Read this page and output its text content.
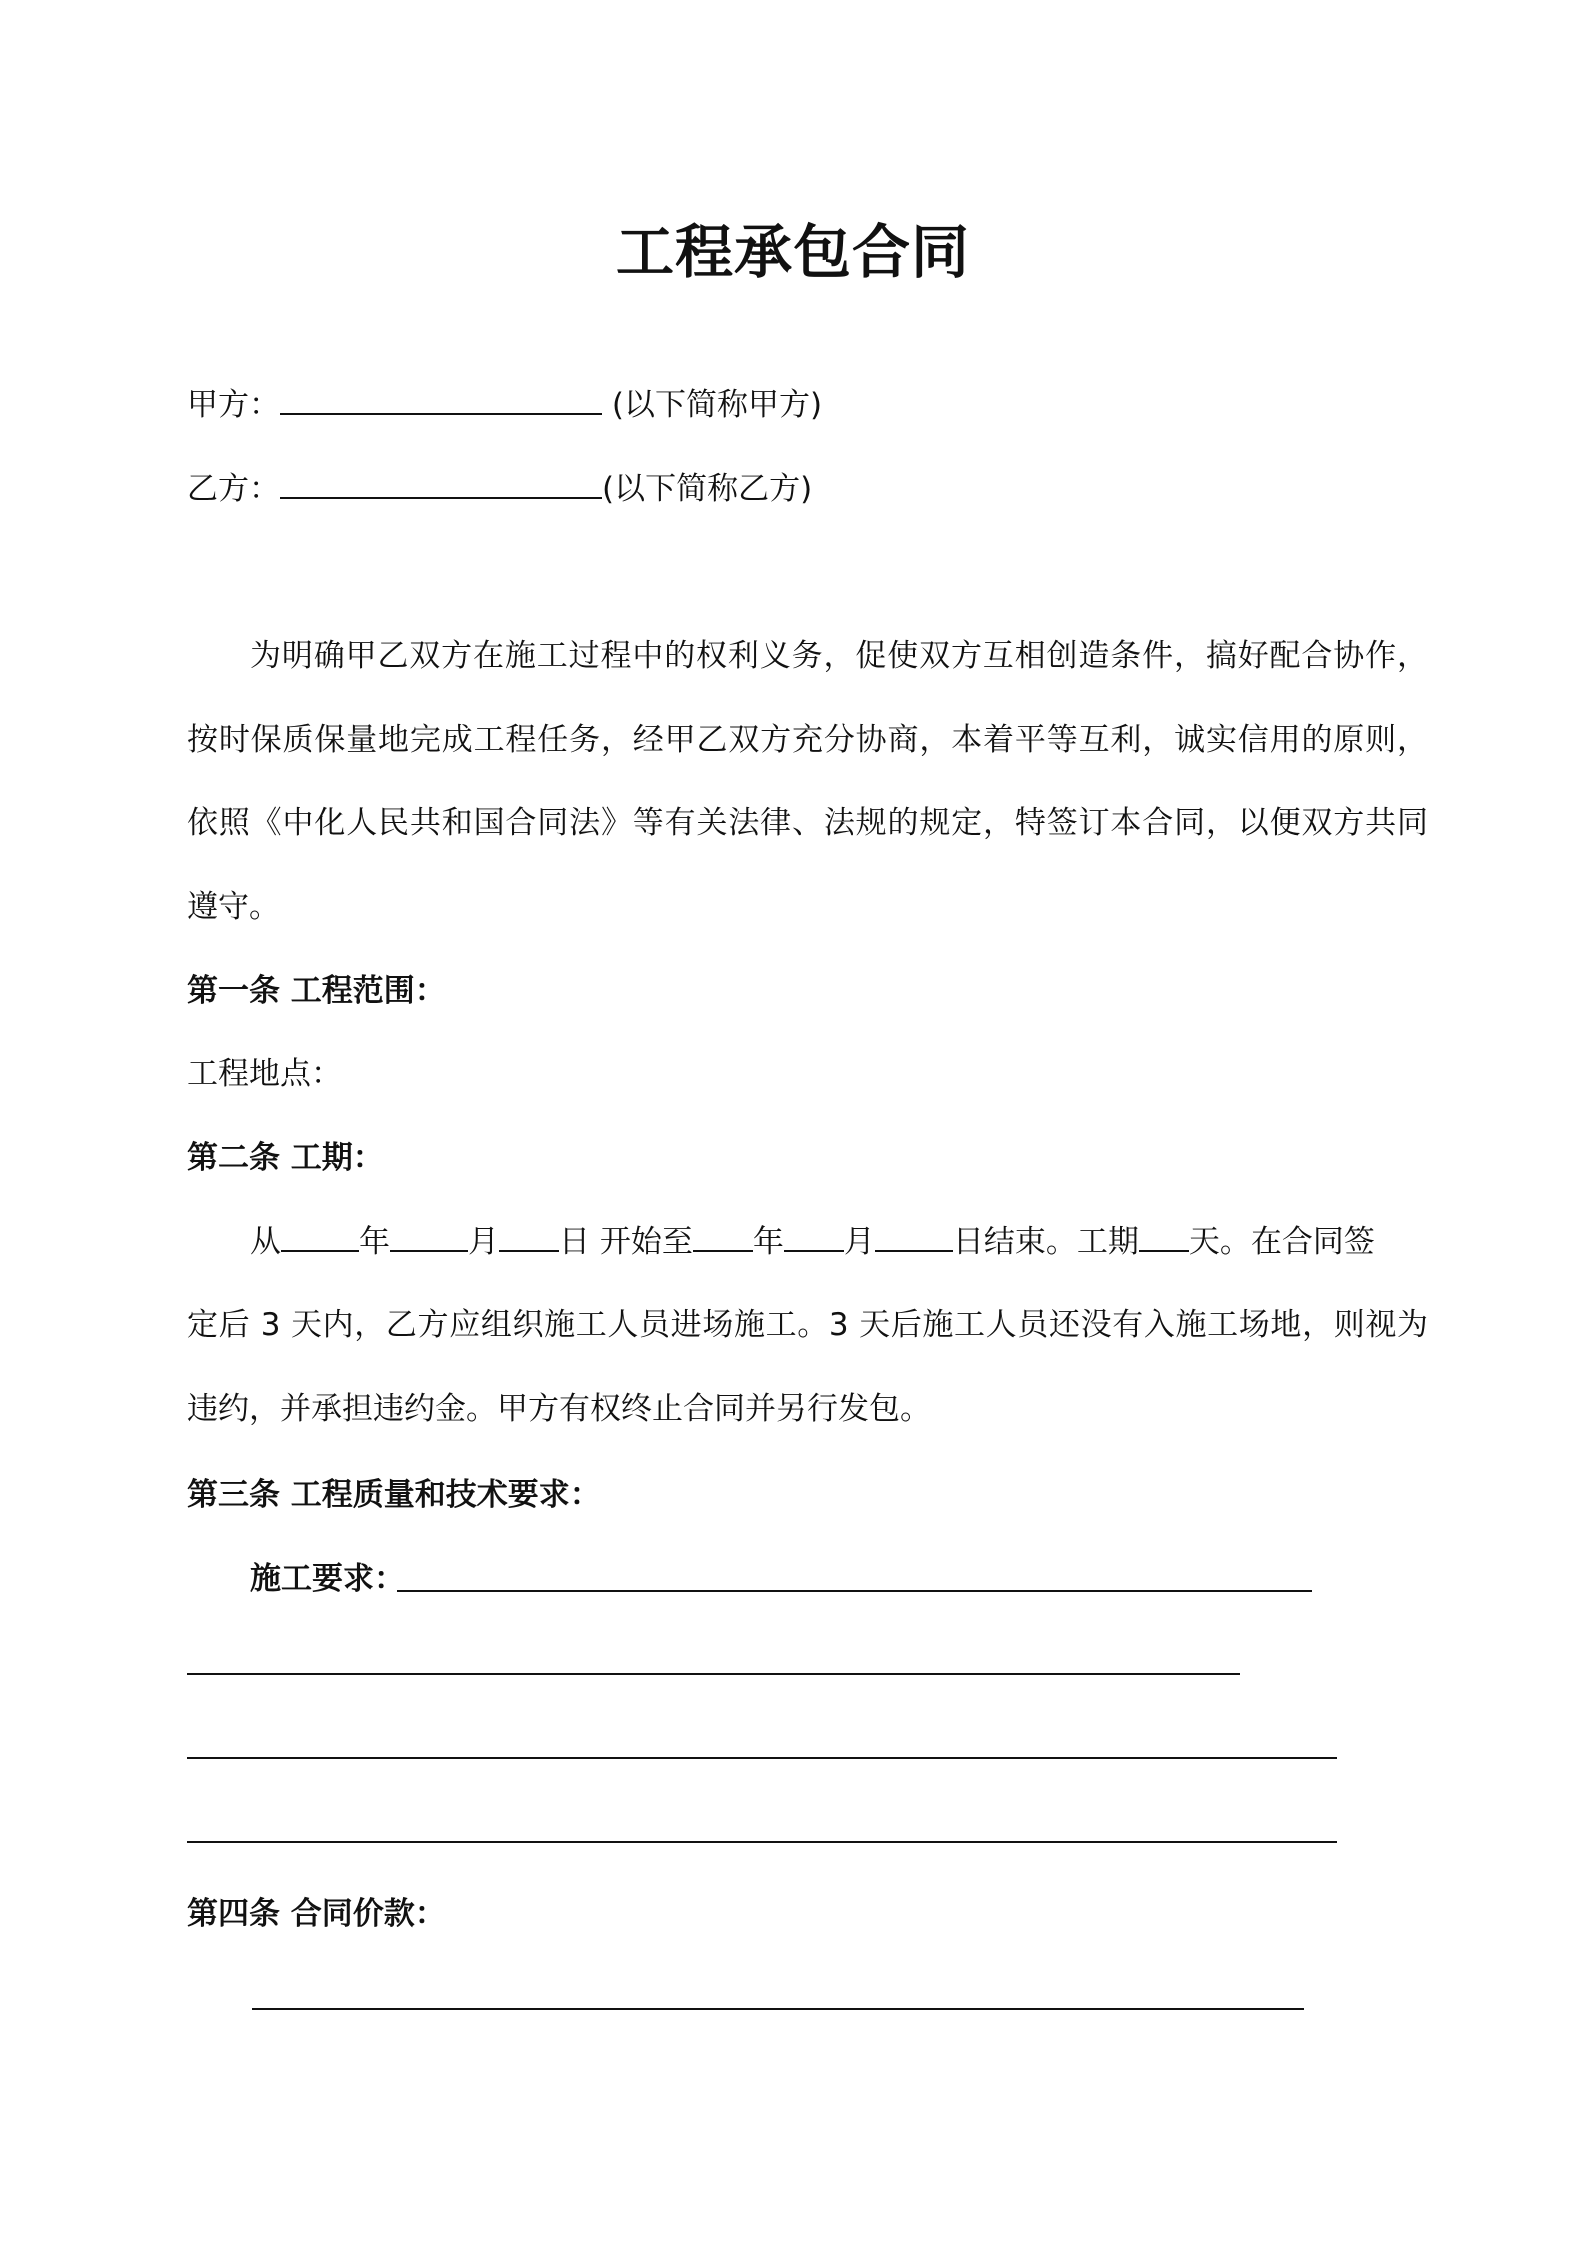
工程承包合同
甲方：	(以下简称甲方)
乙方：	(以下简称乙方)
为明确甲乙双方在施工过程中的权利义务，促使双方互相创造条件，搞好配合协作，
按时保质保量地完成工程任务，经甲乙双方充分协商，本着平等互利，诚实信用的原则，
依照《中化人民共和国合同法》等有关法律、法规的规定，特签订本合同，以便双方共同
遵守。
第一条 工程范围：
工程地点：
第二条 工期：
从	年	月 日 开始至 年 月	日结束。工期 天。在合同签
定后 3 天内，乙方应组织施工人员进场施工。3 天后施工人员还没有入施工场地，则视为
违约，并承担违约金。甲方有权终止合同并另行发包。
第三条 工程质量和技术要求：
施工要求：
第四条 合同价款：
